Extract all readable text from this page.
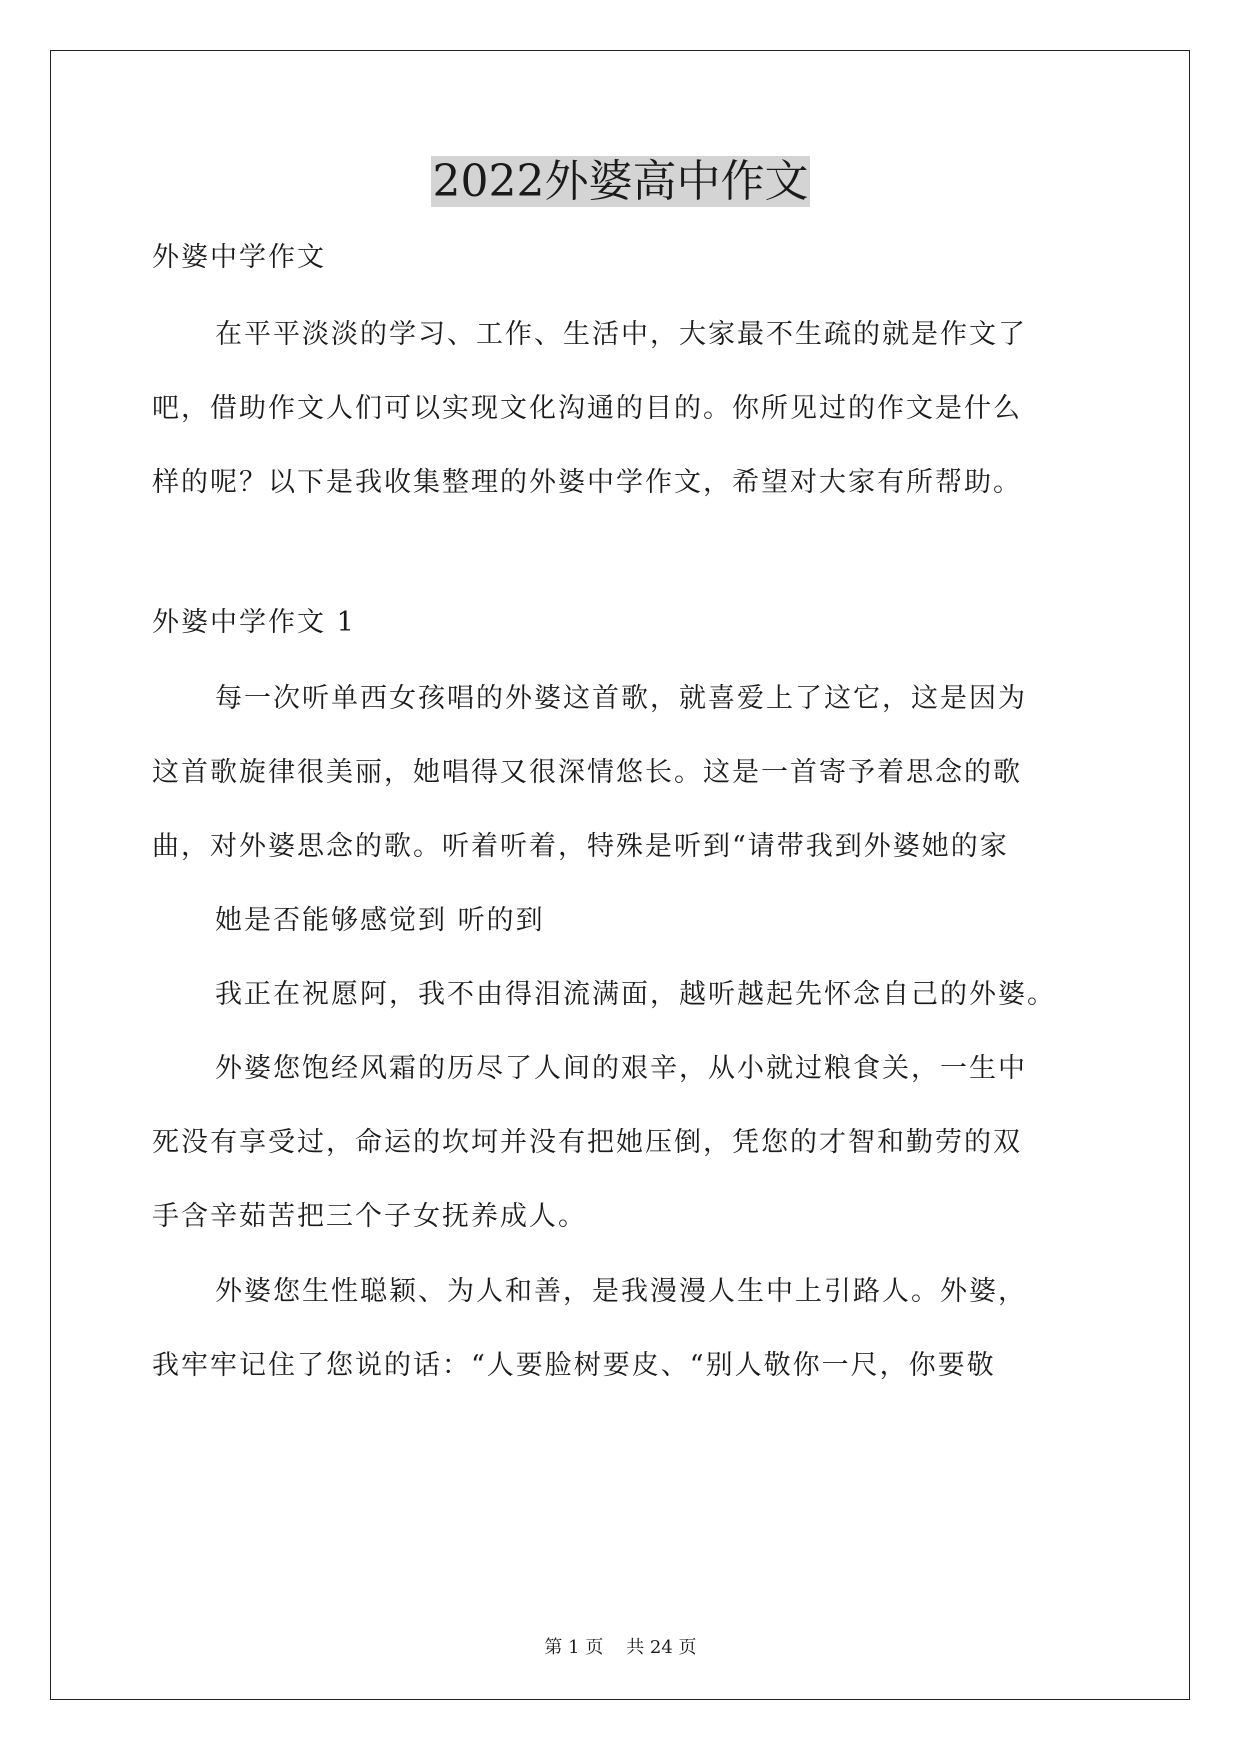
2022外婆高中作文
外婆中学作文
在平平淡淡的学习、工作、生活中，大家最不生疏的就是作文了
吧，借助作文人们可以实现文化沟通的目的。你所见过的作文是什么
样的呢？以下是我收集整理的外婆中学作文，希望对大家有所帮助。
外婆中学作文 1
每一次听单西女孩唱的外婆这首歌，就喜爱上了这它，这是因为
这首歌旋律很美丽，她唱得又很深情悠长。这是一首寄予着思念的歌
曲，对外婆思念的歌。听着听着，特殊是听到“请带我到外婆她的家
她是否能够感觉到 听的到
我正在祝愿阿，我不由得泪流满面，越听越起先怀念自己的外婆。
外婆您饱经风霜的历尽了人间的艰辛，从小就过粮食关，一生中
死没有享受过，命运的坎坷并没有把她压倒，凭您的才智和勤劳的双
手含辛茹苦把三个子女抚养成人。
外婆您生性聪颖、为人和善，是我漫漫人生中上引路人。外婆，
我牢牢记住了您说的话：“人要脸树要皮、“别人敬你一尺，你要敬
第 1 页    共 24 页
